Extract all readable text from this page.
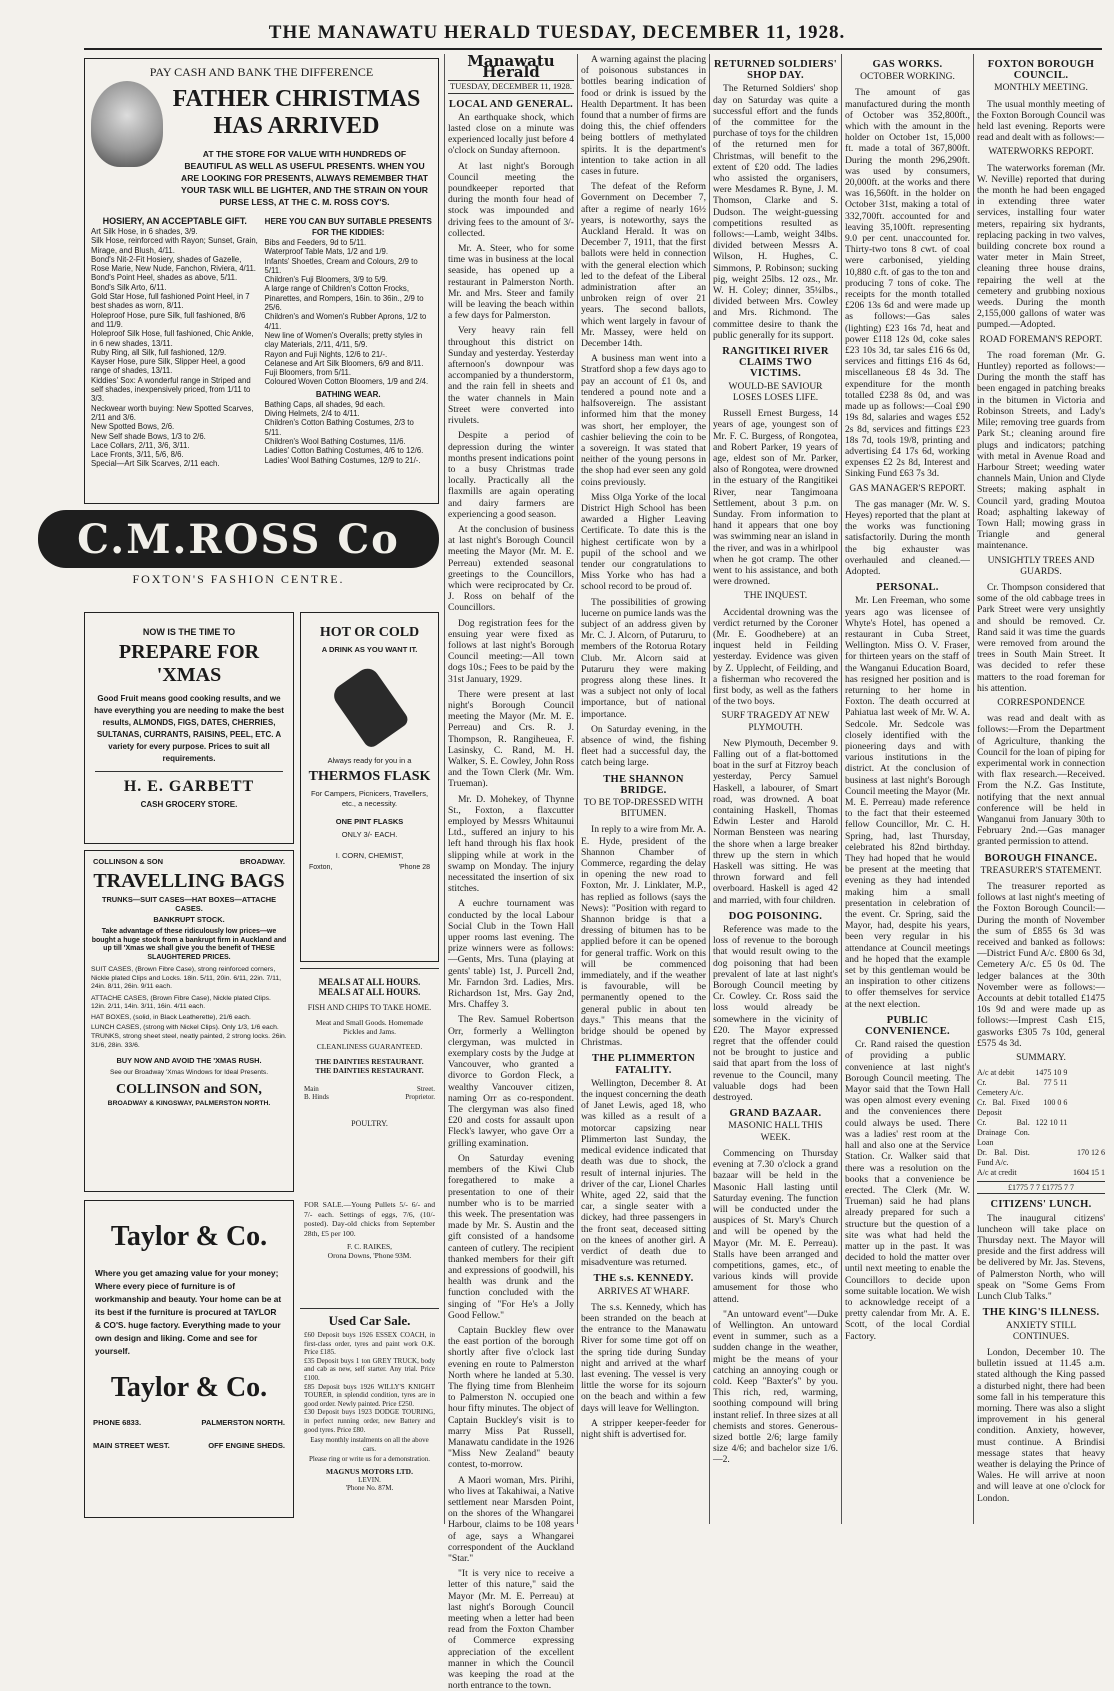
THE MANAWATU HERALD TUESDAY, DECEMBER 11, 1928.
PAY CASH AND BANK THE DIFFERENCE
FATHER CHRISTMAS
HAS ARRIVED
AT THE STORE FOR VALUE WITH HUNDREDS OF BEAUTIFUL AS WELL AS USEFUL PRESENTS. WHEN YOU ARE LOOKING FOR PRESENTS, ALWAYS REMEMBER THAT YOUR TASK WILL BE LIGHTER, AND THE STRAIN ON YOUR PURSE LESS, AT THE C. M. ROSS COY'S.
HOSIERY, AN ACCEPTABLE GIFT.
Art Silk Hose, in 6 shades, 3/9.
Silk Hose, reinforced with Rayon; Sunset, Grain, Mirage, and Blush, 4/11.
Bond's Nit-2-Fit Hosiery, shades of Gazelle, Rose Marie, New Nude, Fanchon, Riviera, 4/11.
Bond's Point Heel, shades as above, 5/11.
Bond's Silk Arto, 6/11.
Gold Star Hose, full fashioned Point Heel, in 7 best shades as worn, 8/11.
Holeproof Hose, pure Silk, full fashioned, 8/6 and 11/9.
Holeproof Silk Hose, full fashioned, Chic Ankle, in 6 new shades, 13/11.
Ruby Ring, all Silk, full fashioned, 12/9.
Kayser Hose, pure Silk, Slipper Heel, a good range of shades, 13/11.
Kiddies' Sox: A wonderful range in Striped and self shades, inexpensively priced, from 1/11 to 3/3.
Neckwear worth buying: New Spotted Scarves, 2/11 and 3/6.
New Spotted Bows, 2/6.
New Self shade Bows, 1/3 to 2/6.
Lace Collars, 2/11, 3/6, 3/11.
Lace Fronts, 3/11, 5/6, 8/6.
Special—Art Silk Scarves, 2/11 each.
HERE YOU CAN BUY SUITABLE PRESENTS FOR THE KIDDIES:
Bibs and Feeders, 9d to 5/11.
Waterproof Table Mats, 1/2 and 1/9.
Infants' Shoetles, Cream and Colours, 2/9 to 5/11.
Children's Fuji Bloomers, 3/9 to 5/9.
A large range of Children's Cotton Frocks, Pinarettes, and Rompers, 16in. to 36in., 2/9 to 25/6.
Children's and Women's Rubber Aprons, 1/2 to 4/11.
New line of Women's Overalls; pretty styles in clay Materials, 2/11, 4/11, 5/9.
Rayon and Fuji Nights, 12/6 to 21/-.
Celanese and Art Silk Bloomers, 6/9 and 8/11.
Fuji Bloomers, from 5/11.
Coloured Woven Cotton Bloomers, 1/9 and 2/4.
BATHING WEAR.
Bathing Caps, all shades, 9d each.
Diving Helmets, 2/4 to 4/11.
Children's Cotton Bathing Costumes, 2/3 to 5/11.
Children's Wool Bathing Costumes, 11/6.
Ladies' Cotton Bathing Costumes, 4/6 to 12/6.
Ladies' Wool Bathing Costumes, 12/9 to 21/-.
C.M.ROSS Co
FOXTON'S FASHION CENTRE.
NOW IS THE TIME TO
PREPARE FOR 'XMAS
Good Fruit means good cooking results, and we have everything you are needing to make the best results, ALMONDS, FIGS, DATES, CHERRIES, SULTANAS, CURRANTS, RAISINS, PEEL, ETC. A variety for every purpose. Prices to suit all requirements.
H. E. GARBETT
CASH GROCERY STORE.
HOT OR COLD
A DRINK AS YOU WANT IT.
Always ready for you in a
THERMOS FLASK
For Campers, Picnicers, Travellers, etc., a necessity.
ONE PINT FLASKS
ONLY 3/- EACH.
I. CORN, CHEMIST,
Foxton,	'Phone 28
COLLINSON & SON	BROADWAY.
TRAVELLING BAGS
TRUNKS—SUIT CASES—HAT BOXES—ATTACHE CASES.
BANKRUPT STOCK.
Take advantage of these ridiculously low prices—we bought a huge stock from a bankrupt firm in Auckland and up till 'Xmas we shall give you the benefit of THESE SLAUGHTERED PRICES.
SUIT CASES, (Brown Fibre Case), strong reinforced corners, Nickle plated Clips and Locks. 18in. 5/11, 20in. 6/11, 22in. 7/11, 24in. 8/11, 26in. 9/11 each.
ATTACHE CASES, (Brown Fibre Case), Nickle plated Clips. 12in. 2/11, 14in. 3/11, 16in. 4/11 each.
HAT BOXES, (solid, in Black Leatherette), 21/6 each.
LUNCH CASES, (strong with Nickel Clips). Only 1/3, 1/6 each.
TRUNKS, strong sheet steel, neatly painted, 2 strong locks. 26in. 31/6, 28in. 33/6.
BUY NOW AND AVOID THE 'XMAS RUSH.
See our Broadway 'Xmas Windows for Ideal Presents.
COLLINSON and SON,
BROADWAY & KINGSWAY, PALMERSTON NORTH.
MEALS AT ALL HOURS.
MEALS AT ALL HOURS.
FISH AND CHIPS TO TAKE HOME.
Meat and Small Goods. Homemade Pickles and Jams.
CLEANLINESS GUARANTEED.
THE DAINTIES RESTAURANT.
THE DAINTIES RESTAURANT.
Main	Street.
B. Hinds	Proprietor.
POULTRY.
FOR SALE.—Young Pullets 5/- 6/- and 7/- each. Settings of eggs, 7/6, (10/- posted). Day-old chicks from September 28th, £5 per 100.
F. C. RAIKES,
Orona Downs, 'Phone 93M.
Taylor & Co.
Where you get amazing value for your money; Where every piece of furniture is of workmanship and beauty. Your home can be at its best if the furniture is procured at TAYLOR & CO'S. huge factory. Everything made to your own design and liking. Come and see for yourself.
Taylor & Co.
PHONE 6833.	PALMERSTON NORTH.
MAIN STREET WEST.	OFF ENGINE SHEDS.
Used Car Sale.
£60 Deposit buys 1926 ESSEX COACH, in first-class order, tyres and paint work O.K. Price £185.
£35 Deposit buys 1 ton GREY TRUCK, body and cab as new, self starter. Any trial. Price £100.
£85 Deposit buys 1926 WILLY'S KNIGHT TOURER, in splendid condition, tyres are in good order. Newly painted. Price £250.
£30 Deposit buys 1923 DODGE TOURING, in perfect running order, new Battery and good tyres. Price £80.
Easy monthly instalments on all the above cars.
Please ring or write us for a demonstration.
MAGNUS MOTORS LTD.
LEVIN.
'Phone No. 87M.
Manawatu Herald
TUESDAY, DECEMBER 11, 1928.
LOCAL AND GENERAL.

An earthquake shock, which lasted close on a minute was experienced locally just before 4 o'clock on Sunday afternoon.

At last night's Borough Council meeting the poundkeeper reported that during the month four head of stock was impounded and driving fees to the amount of 3/- collected.

Mr. A. Steer, who for some time was in business at the local seaside, has opened up a restaurant in Palmerston North. Mr. and Mrs. Steer and family will be leaving the beach within a few days for Palmerston.

Very heavy rain fell throughout this district on Sunday and yesterday. Yesterday afternoon's downpour was accompanied by a thunderstorm, and the rain fell in sheets and the water channels in Main Street were converted into rivulets.

Despite a period of depression during the winter months present indications point to a busy Christmas trade locally. Practically all the flaxmills are again operating and dairy farmers are experiencing a good season.

At the conclusion of business at last night's Borough Council meeting the Mayor (Mr. M. E. Perreau) extended seasonal greetings to the Councillors, which were reciprocated by Cr. J. Ross on behalf of the Councillors.

Dog registration fees for the ensuing year were fixed as follows at last night's Borough Council meeting:—All town dogs 10s.; Fees to be paid by the 31st January, 1929.

There were present at last night's Borough Council meeting the Mayor (Mr. M. E. Perreau) and Crs. R. J. Thompson, R. Rangiheuea, F. Lasinsky, C. Rand, M. H. Walker, S. E. Cowley, John Ross and the Town Clerk (Mr. Wm. Trueman).

Mr. D. Mohekey, of Thynne St., Foxton, a flaxcutter employed by Messrs Whitaunui Ltd., suffered an injury to his left hand through his flax hook slipping while at work in the swamp on Monday. The injury necessitated the insertion of six stitches.

A euchre tournament was conducted by the local Labour Social Club in the Town Hall upper rooms last evening. The prize winners were as follows:—Gents, Mrs. Tuna (playing at gents' table) 1st, J. Purcell 2nd, Mr. Farndon 3rd. Ladies, Mrs. Richardson 1st, Mrs. Gay 2nd, Mrs. Chaffey 3.

The Rev. Samuel Robertson Orr, formerly a Wellington clergyman, was mulcted in exemplary costs by the Judge at Vancouver, who granted a divorce to Gordon Fleck, a wealthy Vancouver citizen, naming Orr as co-respondent. The clergyman was also fined £20 and costs for assault upon Fleck's lawyer, who gave Orr a grilling examination.

On Saturday evening members of the Kiwi Club foregathered to make a presentation to one of their number who is to be married this week. The presentation was made by Mr. S. Austin and the gift consisted of a handsome canteen of cutlery. The recipient thanked members for their gift and expressions of goodwill, his health was drunk and the function concluded with the singing of "For He's a Jolly Good Fellow."

Captain Buckley flew over the east portion of the borough shortly after five o'clock last evening en route to Palmerston North where he landed at 5.30. The flying time from Blenheim to Palmerston N. occupied one hour fifty minutes. The object of Captain Buckley's visit is to marry Miss Pat Russell, Manawatu candidate in the 1926 "Miss New Zealand" beauty contest, to-morrow.

A Maori woman, Mrs. Pirihi, who lives at Takahiwai, a Native settlement near Marsden Point, on the shores of the Whangarei Harbour, claims to be 108 years of age, says a Whangarei correspondent of the Auckland "Star."

"It is very nice to receive a letter of this nature," said the Mayor (Mr. M. E. Perreau) at last night's Borough Council meeting when a letter had been read from the Foxton Chamber of Commerce expressing appreciation of the excellent manner in which the Council was keeping the road at the north entrance to the town.

A warning against the placing of poisonous substances in bottles bearing indication of food or drink is issued by the Health Department. It has been found that a number of firms are doing this, the chief offenders being bottlers of methylated spirits. It is the department's intention to take action in all cases in future.

The defeat of the Reform Government on December 7, after a regime of nearly 16½ years, is noteworthy, says the Auckland Herald. It was on December 7, 1911, that the first ballots were held in connection with the general election which led to the defeat of the Liberal administration after an unbroken reign of over 21 years. The second ballots, which went largely in favour of Mr. Massey, were held on December 14th.

A business man went into a Stratford shop a few days ago to pay an account of £1 0s, and tendered a pound note and a halfsovereign. The assistant informed him that the money was short, her employer, the cashier believing the coin to be a sovereign. It was stated that neither of the young persons in the shop had ever seen any gold coins previously.

Miss Olga Yorke of the local District High School has been awarded a Higher Leaving Certificate. To date this is the highest certificate won by a pupil of the school and we tender our congratulations to Miss Yorke who has had a school record to be proud of.

The possibilities of growing lucerne on pumice lands was the subject of an address given by Mr. C. J. Alcorn, of Putaruru, to members of the Rotorua Rotary Club. Mr. Alcorn said at Putaruru they were making progress along these lines. It was a subject not only of local importance, but of national importance.

On Saturday evening, in the absence of wind, the fishing fleet had a successful day, the catch being large.

THE SHANNON BRIDGE.
TO BE TOP-DRESSED WITH BITUMEN.

In reply to a wire from Mr. A. E. Hyde, president of the Shannon Chamber of Commerce, regarding the delay in opening the new road to Foxton, Mr. J. Linklater, M.P., has replied as follows (says the News): "Position with regard to Shannon bridge is that a dressing of bitumen has to be applied before it can be opened for general traffic. Work on this will be commenced immediately, and if the weather is favourable, will be permanently opened to the general public in about ten days." This means that the bridge should be opened by Christmas.

THE PLIMMERTON FATALITY.

Wellington, December 8. At the inquest concerning the death of Janet Lewis, aged 18, who was killed as a result of a motorcar capsizing near Plimmerton last Sunday, the medical evidence indicated that death was due to shock, the result of internal injuries. The driver of the car, Lionel Charles White, aged 22, said that the car, a single seater with a dickey, had three passengers in the front seat, deceased sitting on the knees of another girl. A verdict of death due to misadventure was returned.

THE s.s. KENNEDY.
ARRIVES AT WHARF.

The s.s. Kennedy, which has been stranded on the beach at the entrance to the Manawatu River for some time got off on the spring tide during Sunday night and arrived at the wharf last evening. The vessel is very little the worse for its sojourn on the beach and within a few days will leave for Wellington.

A stripper keeper-feeder for night shift is advertised for.

RETURNED SOLDIERS' SHOP DAY.

The Returned Soldiers' shop day on Saturday was quite a successful effort and the funds of the committee for the purchase of toys for the children of the returned men for Christmas, will benefit to the extent of £20 odd. The ladies who assisted the organisers, were Mesdames R. Byne, J. M. Thomson, Clarke and S. Dudson. The weight-guessing competitions resulted as follows:—Lamb, weight 34lbs. divided between Messrs A. Wilson, H. Hughes, C. Simmons, P. Robinson; sucking pig, weight 25lbs. 12 ozs., Mr. W. H. Coley; dinner, 35¼lbs., divided between Mrs. Cowley and Mrs. Richmond. The committee desire to thank the public generally for its support.

RANGITIKEI RIVER CLAIMS TWO VICTIMS.
WOULD-BE SAVIOUR LOSES LOSES LIFE.

Russell Ernest Burgess, 14 years of age, youngest son of Mr. F. C. Burgess, of Rongotea, and Robert Parker, 19 years of age, eldest son of Mr. Parker, also of Rongotea, were drowned in the estuary of the Rangitikei River, near Tangimoana Settlement, about 3 p.m. on Sunday. From information to hand it appears that one boy was swimming near an island in the river, and was in a whirlpool when he got cramp. The other went to his assistance, and both were drowned.

THE INQUEST.

Accidental drowning was the verdict returned by the Coroner (Mr. E. Goodhebere) at an inquest held in Feilding yesterday. Evidence was given by Z. Upplecht, of Feilding, and a fisherman who recovered the first body, as well as the fathers of the two boys.

SURF TRAGEDY AT NEW PLYMOUTH.

New Plymouth, December 9. Falling out of a flat-bottomed boat in the surf at Fitzroy beach yesterday, Percy Samuel Haskell, a labourer, of Smart road, was drowned. A boat containing Haskell, Thomas Edwin Lester and Harold Norman Bensteen was nearing the shore when a large breaker threw up the stern in which Haskell was sitting. He was thrown forward and fell overboard. Haskell is aged 42 and married, with four children.

DOG POISONING.

Reference was made to the loss of revenue to the borough that would result owing to the dog poisoning that had been prevalent of late at last night's Borough Council meeting by Cr. Cowley. Cr. Ross said the loss would already be somewhere in the vicinity of £20. The Mayor expressed regret that the offender could not be brought to justice and said that apart from the loss of revenue to the Council, many valuable dogs had been destroyed.

GRAND BAZAAR.
MASONIC HALL THIS WEEK.

Commencing on Thursday evening at 7.30 o'clock a grand bazaar will be held in the Masonic Hall lasting until Saturday evening. The function will be conducted under the auspices of St. Mary's Church and will be opened by the Mayor (Mr. M. E. Perreau). Stalls have been arranged and competitions, games, etc., of various kinds will provide amusement for those who attend.

"An untoward event"—Duke of Wellington. An untoward event in summer, such as a sudden change in the weather, might be the means of your catching an annoying cough or cold. Keep "Baxter's" by you. This rich, red, warming, soothing compound will bring instant relief. In three sizes at all chemists and stores. Generous-sized bottle 2/6; large family size 4/6; and bachelor size 1/6.—2.

GAS WORKS.
OCTOBER WORKING.

The amount of gas manufactured during the month of October was 352,800ft., which with the amount in the holder on October 1st, 15,000 ft. made a total of 367,800ft. During the month 296,290ft. was used by consumers, 20,000ft. at the works and there was 16,560ft. in the holder on October 31st, making a total of 332,700ft. accounted for and leaving 35,100ft. representing 9.0 per cent. unaccounted for. Thirty-two tons 8 cwt. of coal were carbonised, yielding 10,880 c.ft. of gas to the ton and producing 7 tons of coke. The receipts for the month totalled £206 13s 6d and were made up as follows:—Gas sales (lighting) £23 16s 7d, heat and power £118 12s 0d, coke sales £23 10s 3d, tar sales £16 6s 0d, services and fittings £16 4s 6d, miscellaneous £8 4s 3d. The expenditure for the month totalled £238 8s 0d, and was made up as follows:—Coal £90 19s 8d, salaries and wages £52 2s 8d, services and fittings £23 18s 7d, tools 19/8, printing and advertising £4 17s 6d, working expenses £2 2s 8d, Interest and Sinking Fund £63 7s 3d.

GAS MANAGER'S REPORT.

The gas manager (Mr. W. S. Heyes) reported that the plant at the works was functioning satisfactorily. During the month the big exhauster was overhauled and cleaned.—Adopted.

PERSONAL.

Mr. Len Freeman, who some years ago was licensee of Whyte's Hotel, has opened a restaurant in Cuba Street, Wellington. Miss O. V. Fraser, for thirteen years on the staff of the Wanganui Education Board, has resigned her position and is returning to her home in Foxton. The death occurred at Pahiatua last week of Mr. W. A. Sedcole. Mr. Sedcole was closely identified with the pioneering days and with various institutions in the district. At the conclusion of business at last night's Borough Council meeting the Mayor (Mr. M. E. Perreau) made reference to the fact that their esteemed fellow Councillor, Mr. C. H. Spring, had, last Thursday, celebrated his 82nd birthday. They had hoped that he would be present at the meeting that evening as they had intended making him a small presentation in celebration of the event. Cr. Spring, said the Mayor, had, despite his years, been very regular in his attendance at Council meetings and he hoped that the example set by this gentleman would be an inspiration to other citizens to offer themselves for service at the next election.

PUBLIC CONVENIENCE.

Cr. Rand raised the question of providing a public convenience at last night's Borough Council meeting. The Mayor said that the Town Hall was open almost every evening and the conveniences there could always be used. There was a ladies' rest room at the hall and also one at the Service Station. Cr. Walker said that there was a resolution on the books that a convenience be erected. The Clerk (Mr. W. Trueman) said he had plans already prepared for such a structure but the question of a site was what had held the matter up in the past. It was decided to hold the matter over until next meeting to enable the Councillors to decide upon some suitable location. We wish to acknowledge receipt of a pretty calendar from Mr. A. E. Scott, of the local Cordial Factory.

FOXTON BOROUGH COUNCIL.
MONTHLY MEETING.

The usual monthly meeting of the Foxton Borough Council was held last evening. Reports were read and dealt with as follows:—

WATERWORKS REPORT.

The waterworks foreman (Mr. W. Neville) reported that during the month he had been engaged in extending three water services, installing four water meters, repairing six hydrants, replacing packing in two valves, building concrete box round a water meter in Main Street, cleaning three house drains, repairing the well at the cemetery and grubbing noxious weeds. During the month 2,155,000 gallons of water was pumped.—Adopted.

ROAD FOREMAN'S REPORT.

The road foreman (Mr. G. Huntley) reported as follows:—During the month the staff has been engaged in patching breaks in the bitumen in Victoria and Robinson Streets, and Lady's Mile; removing tree guards from Park St.; cleaning around fire plugs and indicators; patching with metal in Avenue Road and Harbour Street; weeding water channels Main, Union and Clyde Streets; making asphalt in Council yard, grading Moutoa Road; asphalting lakeway of Town Hall; mowing grass in Triangle and general maintenance.

UNSIGHTLY TREES AND GUARDS.

Cr. Thompson considered that some of the old cabbage trees in Park Street were very unsightly and should be removed. Cr. Rand said it was time the guards were removed from around the trees in South Main Street. It was decided to refer these matters to the road foreman for his attention.

CORRESPONDENCE

was read and dealt with as follows:—From the Department of Agriculture, thanking the Council for the loan of piping for experimental work in connection with flax research.—Received. From the N.Z. Gas Institute, notifying that the next annual conference will be held in Wanganui from January 30th to February 2nd.—Gas manager granted permission to attend.

BOROUGH FINANCE.
TREASURER'S STATEMENT.

The treasurer reported as follows at last night's meeting of the Foxton Borough Council:—During the month of November the sum of £855 6s 3d was received and banked as follows:—District Fund A/c. £800 6s 3d, Cemetery A/c. £5 0s 0d. The ledger balances at the 30th November were as follows:—Accounts at debit totalled £1475 10s 9d and were made up as follows:—Imprest Cash £15, gasworks £305 7s 10d, general £575 4s 3d.

SUMMARY.
A/c at debit	1475 10 9
Cr. Bal. Cemetery A/c.
77 5 11
Cr. Bal. Fixed Deposit
100 0 6
Cr. Bal. Drainage Con. Loan
122 10 11
Dr. Bal. Dist. Fund A/c.
170 12 6
A/c at credit	1604 15 1
£1775 7 7 £1775 7 7
CITIZENS' LUNCH.

The inaugural citizens' luncheon will take place on Thursday next. The Mayor will preside and the first address will be delivered by Mr. Jas. Stevens, of Palmerston North, who will speak on "Some Gems From Lunch Club Talks."

THE KING'S ILLNESS.
ANXIETY STILL CONTINUES.

London, December 10. The bulletin issued at 11.45 a.m. stated although the King passed a disturbed night, there had been some fall in his temperature this morning. There was also a slight improvement in his general condition. Anxiety, however, must continue. A Brindisi message states that heavy weather is delaying the Prince of Wales. He will arrive at noon and will leave at one o'clock for London.
